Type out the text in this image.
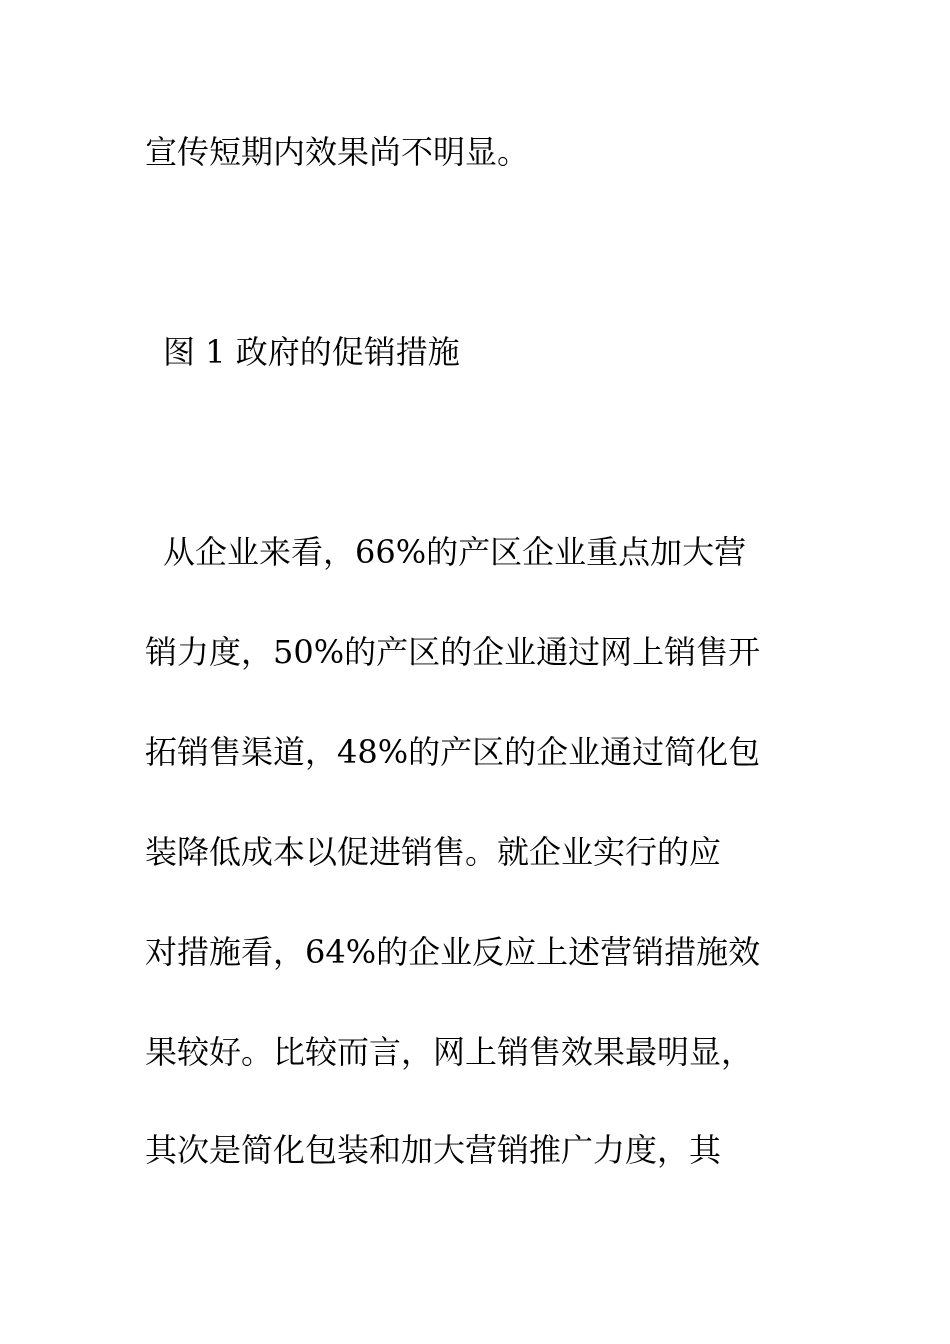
宣传短期内效果尚不明显。
图 1 政府的促销措施
从企业来看，66%的产区企业重点加大营
销力度，50%的产区的企业通过网上销售开
拓销售渠道，48%的产区的企业通过简化包
装降低成本以促进销售。就企业实行的应
对措施看，64%的企业反应上述营销措施效
果较好。比较而言，网上销售效果最明显，
其次是简化包装和加大营销推广力度，其
